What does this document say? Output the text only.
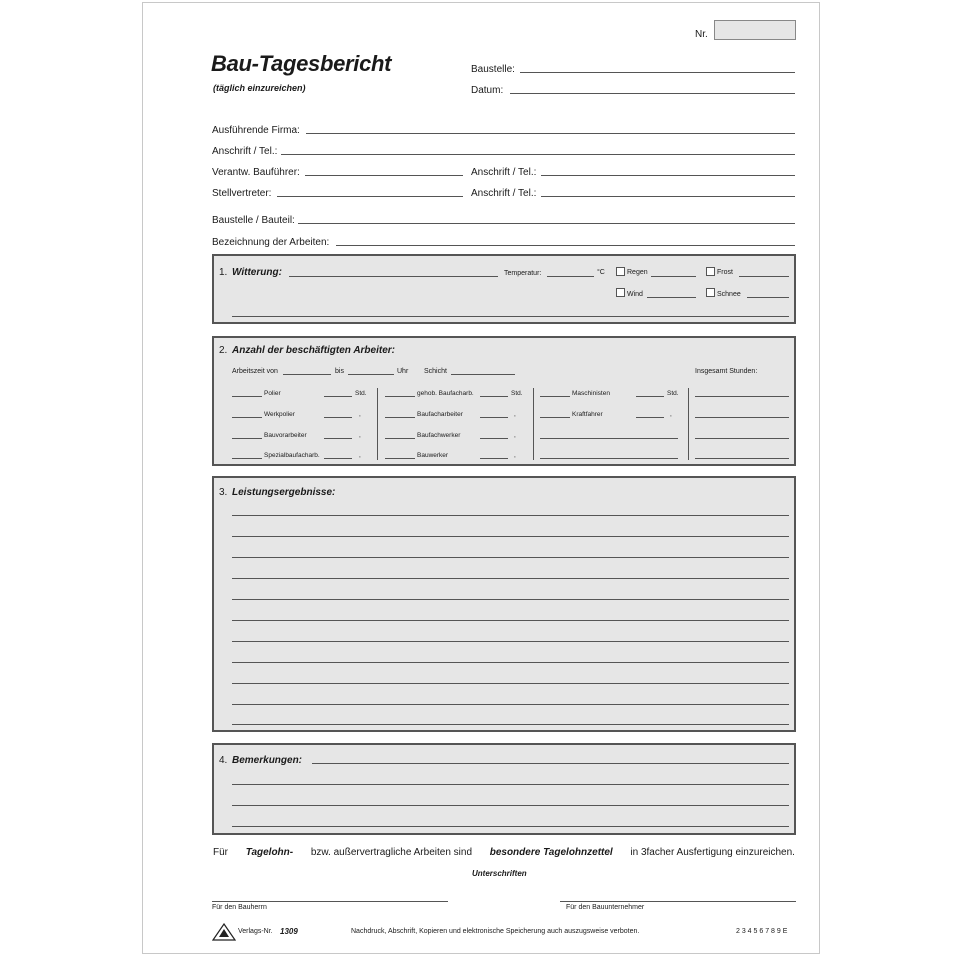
Nr.
Bau-Tagesbericht
(täglich einzureichen)
Baustelle:
Datum:
Ausführende Firma:
Anschrift / Tel.:
Verantw. Bauführer:	Anschrift / Tel.:
Stellvertreter:	Anschrift / Tel.:
Baustelle / Bauteil:
Bezeichnung der Arbeiten:
1. Witterung:	Temperatur:	°C	Regen	Frost
Wind	Schnee
2. Anzahl der beschäftigten Arbeiter:
Arbeitszeit von	bis	Uhr Schicht	Insgesamt Stunden:
Polier	Std.
Werkpolier	,
Bauvorarbeiter	,
Spezialbaufacharb.	,
gehob. Baufacharb.	Std.
Baufacharbeiter	,
Baufachwerker	,
Bauwerker	,
Maschinisten	Std.
Kraftfahrer	,
3. Leistungsergebnisse:
4. Bemerkungen:
Für Tagelohn- bzw. außervertragliche Arbeiten sind besondere Tagelohnzettel in 3facher Ausfertigung einzureichen.
Unterschriften
Für den Bauherrn	Für den Bauunternehmer
Verlags-Nr. 1309	Nachdruck, Abschrift, Kopieren und elektronische Speicherung auch auszugsweise verboten.	2 3 4 5 6 7 8 9 E
